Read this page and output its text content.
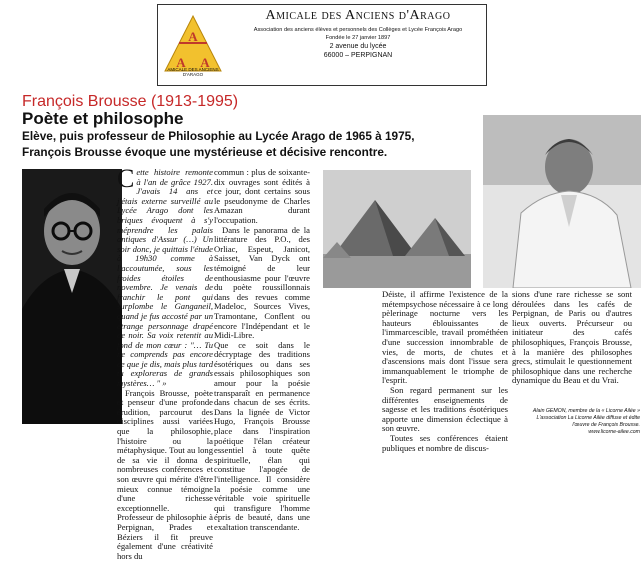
A
A A
AMICALE DES ANCIENS D'ARAGO
Amicale des Anciens d'Arago
Association des anciens élèves et personnels des Collèges et Lycée François Arago
Fondée le 27 janvier 1897
2 avenue du lycée
66000 – PERPIGNAN
François Brousse (1913-1995)
Poète et philosophe
Elève, puis professeur de Philosophie au Lycée Arago de 1965 à 1975,
François Brousse évoque une mystérieuse et décisive rencontre.

Cette histoire remonte à l'an de grâce 1927. J'avais 14 ans et j'étais externe surveillé au Lycée Arago dont les briques évoquent à s'y méprendre les palais antiques d'Assur (…) Un soir donc, je quittais l'étude à 19h30 comme à l'accoutumée, sous les froides étoiles de novembre. Je venais de franchir le pont qui surplombe le Ganganeil, quand je fus accosté par un étrange personnage drapé de noir. Sa voix retentit au fond de mon cœur : "… Tu ne comprends pas encore ce que je dis, mais plus tard tu exploreras de grands mystères… " »

François Brousse, poète et penseur d'une profonde érudition, parcourut des disciplines aussi variées que la philosophie, l'histoire ou la métaphysique. Tout au long de sa vie il donna de nombreuses conférences et son œuvre qui mérite d'être mieux connue témoigne d'une richesse exceptionnelle.

Professeur de philosophie à Perpignan, Prades et Béziers il fit preuve également d'une créativité hors du

commun : plus de soixante-dix ouvrages sont édités à ce jour, dont certains sous le pseudonyme de Charles Amazan durant l'occupation.

Dans le panorama de la littérature des P.O., des Orliac, Espeut, Janicot, Saisset, Van Dyck ont témoigné de leur enthousiasme pour l'œuvre du poète roussillonnais dans des revues comme Madeloc, Sources Vives, Tramontane, Conflent ou encore l'Indépendant et le Midi-Libre.

Que ce soit dans le décryptage des traditions ésotériques ou dans ses essais philosophiques son amour pour la poésie transparaît en permanence dans chacun de ses écrits. Dans la lignée de Victor Hugo, François Brousse place dans l'inspiration poétique l'élan créateur essentiel à toute quête spirituelle, élan qui constitue l'apogée de l'intelligence. Il considère la poésie comme une véritable voie spirituelle qui transfigure l'homme épris de beauté, dans une exaltation transcendante.

Déiste, il affirme l'existence de la métempsychose nécessaire à ce long pèlerinage nocturne vers les hauteurs éblouissantes de l'immarcescible, travail prométhéen d'une succession innombrable de vies, de morts, de chutes et d'ascensions mais dont l'issue sera immanquablement le triomphe de l'esprit.

Son regard permanent sur les différentes enseignements de sagesse et les traditions ésotériques apporte une dimension éclectique à son œuvre.

Toutes ses conférences étaient publiques et nombre de discus-

sions d'une rare richesse se sont déroulées dans les cafés de Perpignan, de Paris ou d'autres lieux ouverts. Précurseur ou initiateur des cafés philosophiques, François Brousse, à la manière des philosophes grecs, stimulait le questionnement philosophique dans une recherche dynamique du Beau et du Vrai.

Alain GEMON, membre de la « Licorne Ailée »
L'association La Licorne Ailée diffuse et édite
l'œuvre de François Brousse.
www.licorne-ailee.com
